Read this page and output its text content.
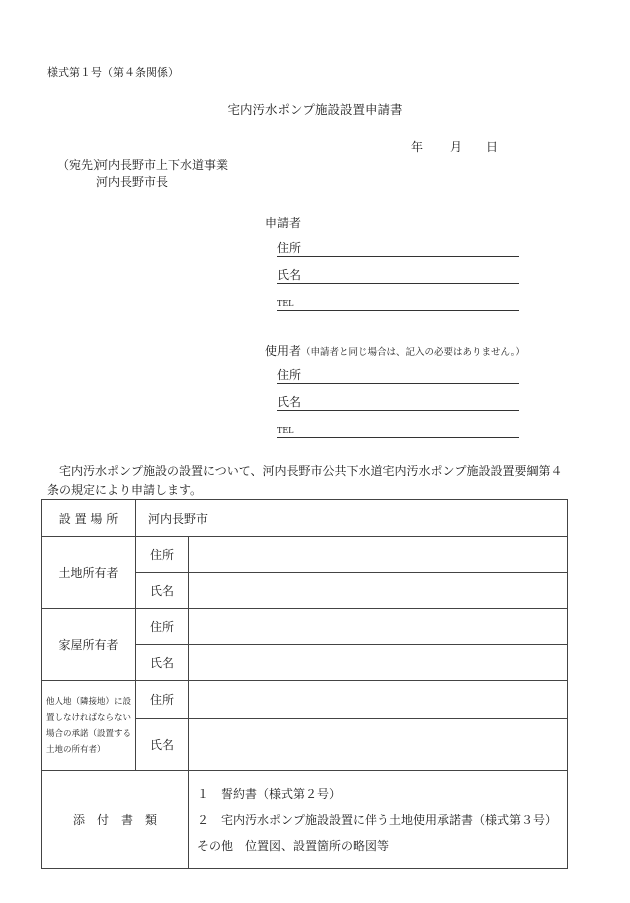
様式第１号（第４条関係）
宅内汚水ポンプ施設設置申請書
年 月 日
（宛先）
河内長野市上下水道事業
河内長野市長
申請者
住所
氏名
TEL
使用者（申請者と同じ場合は、記入の必要はありません。）
住所
氏名
TEL
宅内汚水ポンプ施設の設置について、河内長野市公共下水道宅内汚水ポンプ施設設置要綱第４
条の規定により申請します。
設 置 場 所	河内長野市	
土地所有者	住所	
	氏名	
家屋所有者	住所	
	氏名	
他人地（隣接地）に設置しなければならない場合の承諾（設置する土地の所有者）	住所	
	氏名	
添　付　書　類		１　誓約書（様式第２号）
２　宅内汚水ポンプ施設設置に伴う土地使用承諾書（様式第３号）
その他　位置図、設置箇所の略図等
